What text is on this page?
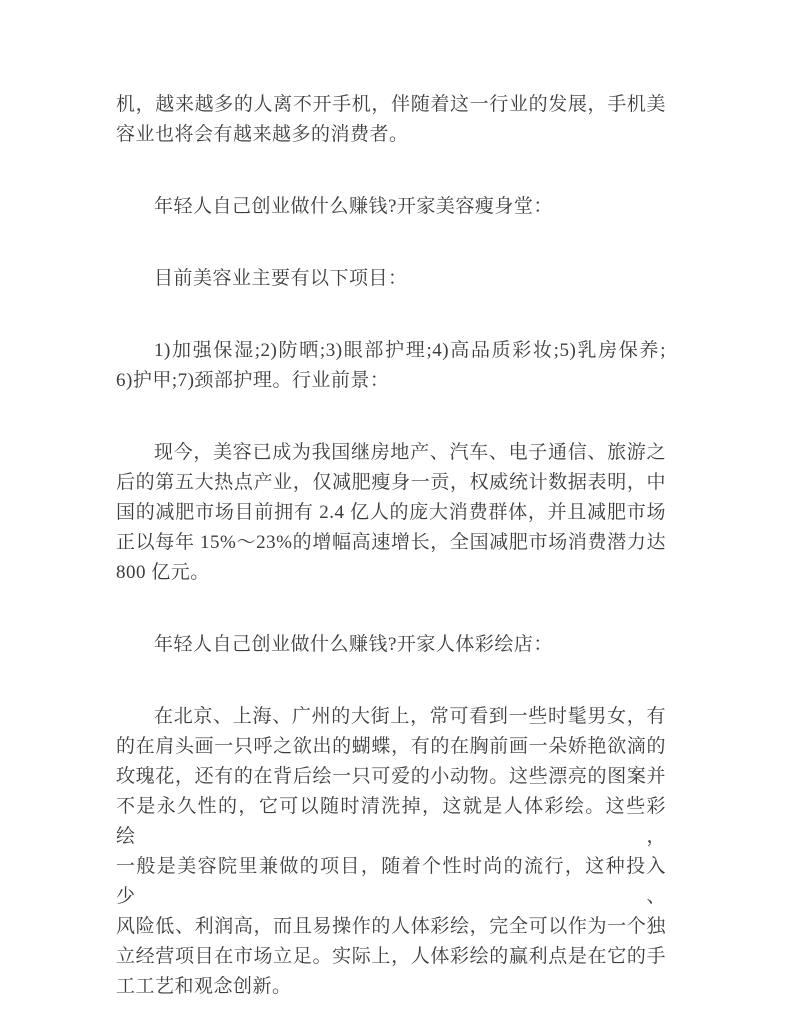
机，越来越多的人离不开手机，伴随着这一行业的发展，手机美
容业也将会有越来越多的消费者。

年轻人自己创业做什么赚钱?开家美容瘦身堂：

目前美容业主要有以下项目：

1)加强保湿;2)防晒;3)眼部护理;4)高品质彩妆;5)乳房保养;
6)护甲;7)颈部护理。行业前景：

现今，美容已成为我国继房地产、汽车、电子通信、旅游之
后的第五大热点产业，仅减肥瘦身一贡，权威统计数据表明，中
国的减肥市场目前拥有 2.4 亿人的庞大消费群体，并且减肥市场
正以每年 15%～23%的增幅高速增长，全国减肥市场消费潜力达
800 亿元。

年轻人自己创业做什么赚钱?开家人体彩绘店：

在北京、上海、广州的大街上，常可看到一些时髦男女，有
的在肩头画一只呼之欲出的蝴蝶，有的在胸前画一朵娇艳欲滴的
玫瑰花，还有的在背后绘一只可爱的小动物。这些漂亮的图案并
不是永久性的，它可以随时清洗掉，这就是人体彩绘。这些彩绘，
一般是美容院里兼做的项目，随着个性时尚的流行，这种投入少、
风险低、利润高，而且易操作的人体彩绘，完全可以作为一个独
立经营项目在市场立足。实际上，人体彩绘的赢利点是在它的手
工工艺和观念创新。
